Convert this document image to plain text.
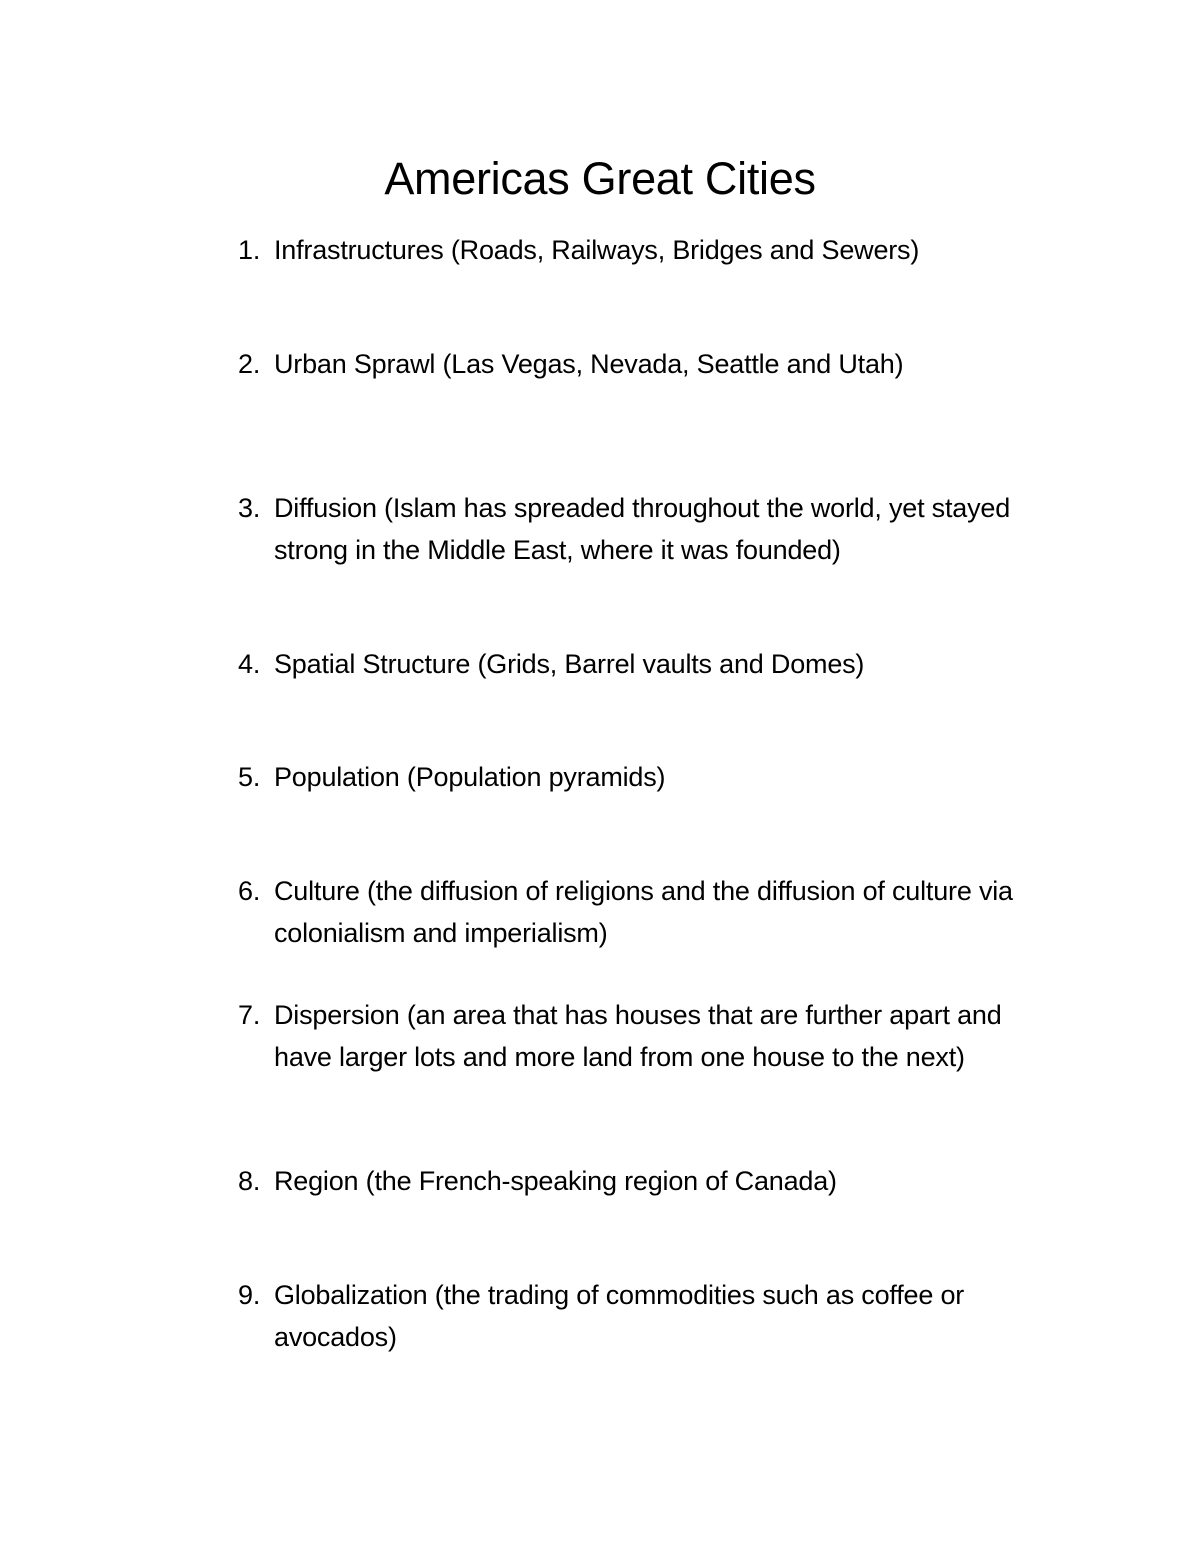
Americas Great Cities
1. Infrastructures (Roads, Railways, Bridges and Sewers)
2. Urban Sprawl (Las Vegas, Nevada, Seattle and Utah)
3. Diffusion (Islam has spreaded throughout the world, yet stayed strong in the Middle East, where it was founded)
4. Spatial Structure (Grids, Barrel vaults and Domes)
5. Population (Population pyramids)
6. Culture (the diffusion of religions and the diffusion of culture via colonialism and imperialism)
7. Dispersion (an area that has houses that are further apart and have larger lots and more land from one house to the next)
8. Region (the French-speaking region of Canada)
9. Globalization (the trading of commodities such as coffee or avocados)
